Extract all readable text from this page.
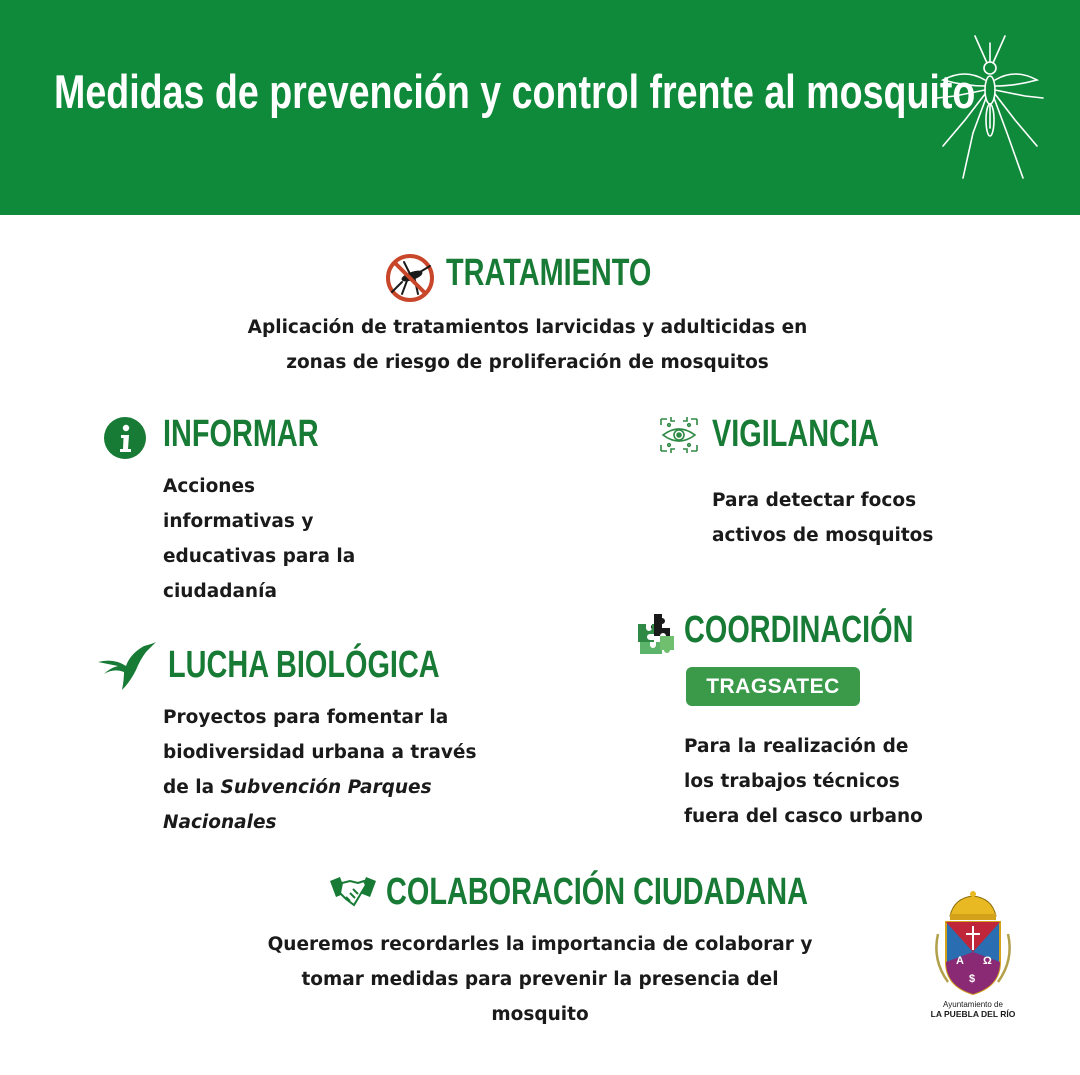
Medidas de prevención y control frente al mosquito
TRATAMIENTO
Aplicación de tratamientos larvicidas y adulticidas en
zonas de riesgo de proliferación de mosquitos
INFORMAR
Acciones
informativas y
educativas para la
ciudadanía
VIGILANCIA
Para detectar focos
activos de mosquitos
COORDINACIÓN
TRAGSATEC
Para la realización de
los trabajos técnicos
fuera del casco urbano
LUCHA BIOLÓGICA
Proyectos para fomentar la
biodiversidad urbana a través
de la Subvención Parques
Nacionales
COLABORACIÓN CIUDADANA
Queremos recordarles la importancia de colaborar y
tomar medidas para prevenir la presencia del
mosquito
A Ω
$
Ayuntamiento de
LA PUEBLA DEL RÍO
